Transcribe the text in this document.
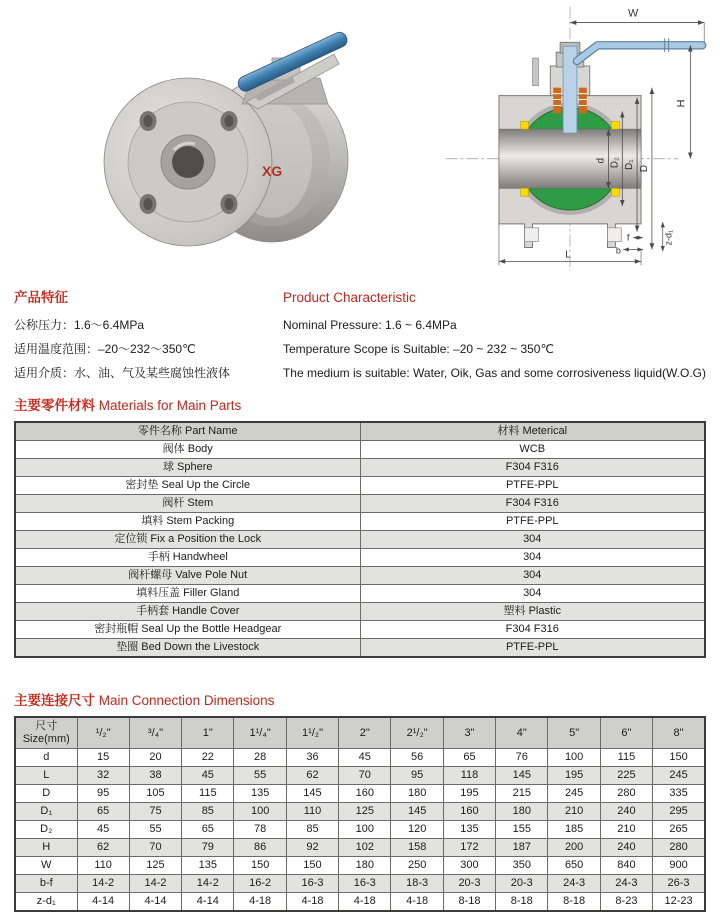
XG
W
H
d D₂ D₁ D
L
f
b
z-d₁
产品特征
公称压力：1.6～6.4MPa
适用温度范围：–20～232～350℃
适用介质：水、油、气及某些腐蚀性液体
Product Characteristic
Nominal Pressure: 1.6 ~ 6.4MPa
Temperature Scope is Suitable: –20 ~ 232 ~ 350℃
The medium is suitable: Water, Oik, Gas and some corrosiveness liquid(W.O.G)
主要零件材料 Materials for Main Parts
零件名称 Part Name	材料 Meterical
阀体 Body	WCB
球 Sphere	F304 F316
密封垫 Seal Up the Circle	PTFE-PPL
阀杆 Stem	F304 F316
填料 Stem Packing	PTFE-PPL
定位锁 Fix a Position the Lock	304
手柄 Handwheel	304
阀杆螺母 Valve Pole Nut	304
填料压盖 Filler Gland	304
手柄套 Handle Cover	塑料 Plastic
密封瓶帽 Seal Up the Bottle Headgear	F304 F316
垫圈 Bed Down the Livestock	PTFE-PPL
主要连接尺寸 Main Connection Dimensions
尺寸
Size(mm)	¹/₂"	³/₄"	1"	1¹/₄"	1¹/₂"	2"	2¹/₂"	3"	4"	5"	6"	8"
d	15	20	22	28	36	45	56	65	76	100	115	150
L	32	38	45	55	62	70	95	118	145	195	225	245
D	95	105	115	135	145	160	180	195	215	245	280	335
D₁	65	75	85	100	110	125	145	160	180	210	240	295
D₂	45	55	65	78	85	100	120	135	155	185	210	265
H	62	70	79	86	92	102	158	172	187	200	240	280
W	110	125	135	150	150	180	250	300	350	650	840	900
b-f	14-2	14-2	14-2	16-2	16-3	16-3	18-3	20-3	20-3	24-3	24-3	26-3
z-d₁	4-14	4-14	4-14	4-18	4-18	4-18	4-18	8-18	8-18	8-18	8-23	12-23
